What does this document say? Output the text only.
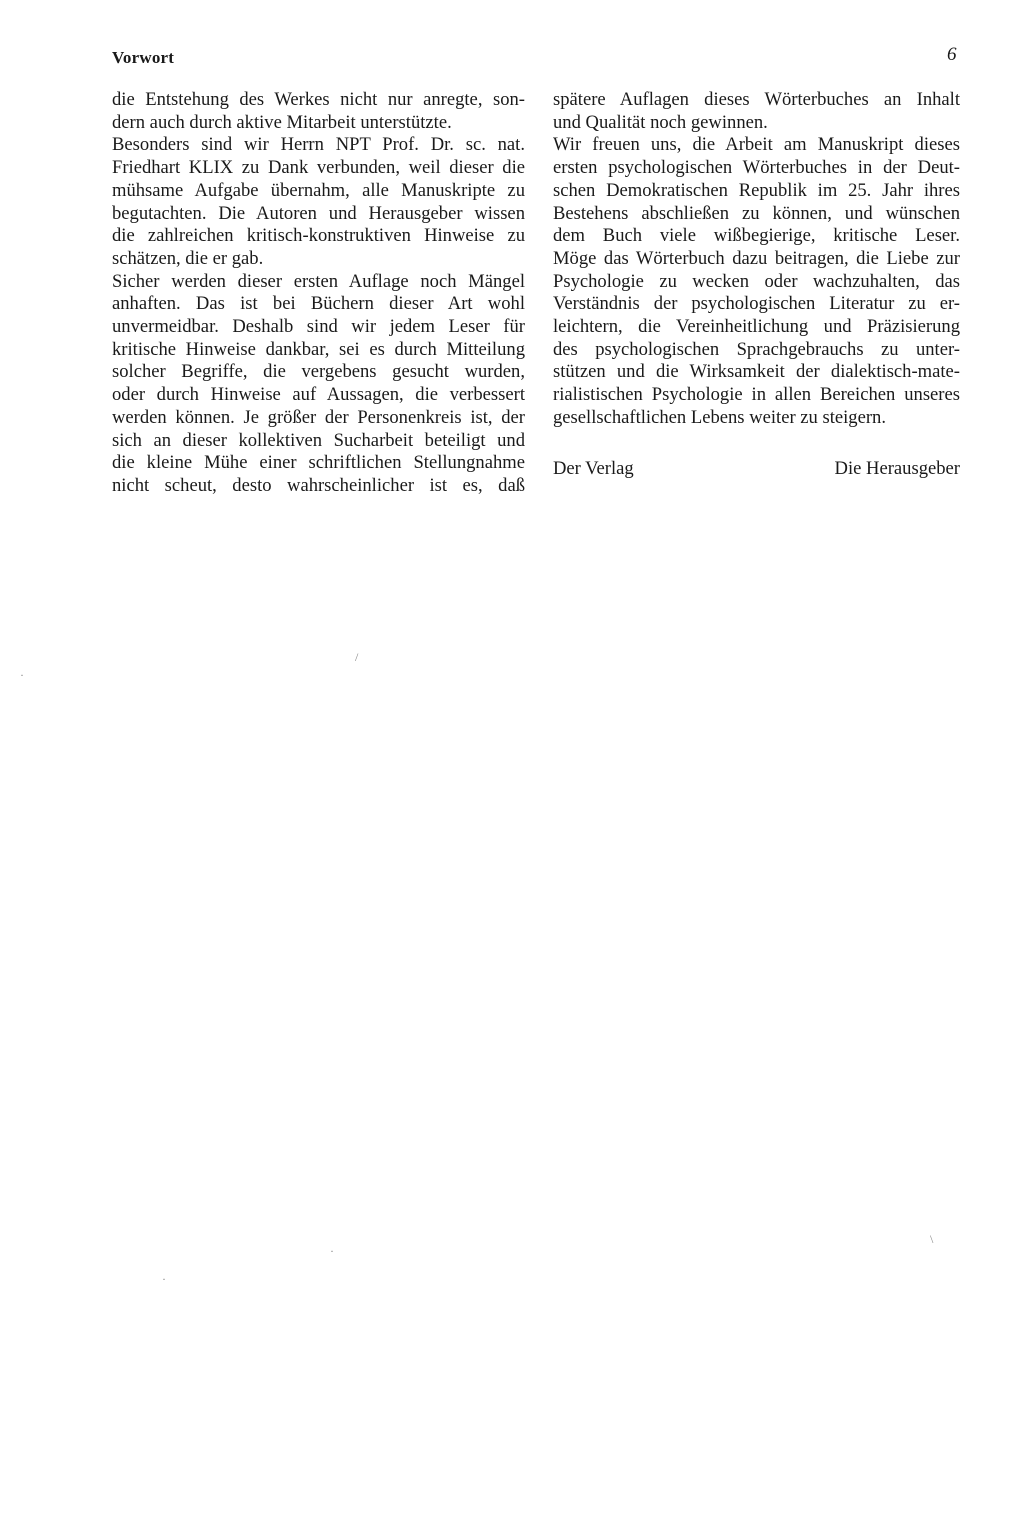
Vorwort	6
die Entstehung des Werkes nicht nur anregte, son-
dern auch durch aktive Mitarbeit unterstützte.
Besonders sind wir Herrn NPT Prof. Dr. sc. nat.
Friedhart KLIX zu Dank verbunden, weil dieser die
mühsame Aufgabe übernahm, alle Manuskripte zu
begutachten. Die Autoren und Herausgeber wissen
die zahlreichen kritisch-konstruktiven Hinweise zu
schätzen, die er gab.
Sicher werden dieser ersten Auflage noch Mängel
anhaften. Das ist bei Büchern dieser Art wohl
unvermeidbar. Deshalb sind wir jedem Leser für
kritische Hinweise dankbar, sei es durch Mitteilung
solcher Begriffe, die vergebens gesucht wurden,
oder durch Hinweise auf Aussagen, die verbessert
werden können. Je größer der Personenkreis ist, der
sich an dieser kollektiven Sucharbeit beteiligt und
die kleine Mühe einer schriftlichen Stellungnahme
nicht scheut, desto wahrscheinlicher ist es, daß
spätere Auflagen dieses Wörterbuches an Inhalt
und Qualität noch gewinnen.
Wir freuen uns, die Arbeit am Manuskript dieses
ersten psychologischen Wörterbuches in der Deut-
schen Demokratischen Republik im 25. Jahr ihres
Bestehens abschließen zu können, und wünschen
dem Buch viele wißbegierige, kritische Leser.
Möge das Wörterbuch dazu beitragen, die Liebe zur
Psychologie zu wecken oder wachzuhalten, das
Verständnis der psychologischen Literatur zu er-
leichtern, die Vereinheitlichung und Präzisierung
des psychologischen Sprachgebrauchs zu unter-
stützen und die Wirksamkeit der dialektisch-mate-
rialistischen Psychologie in allen Bereichen unseres
gesellschaftlichen Lebens weiter zu steigern.
Der Verlag	Die Herausgeber
/
·
\
·
·
